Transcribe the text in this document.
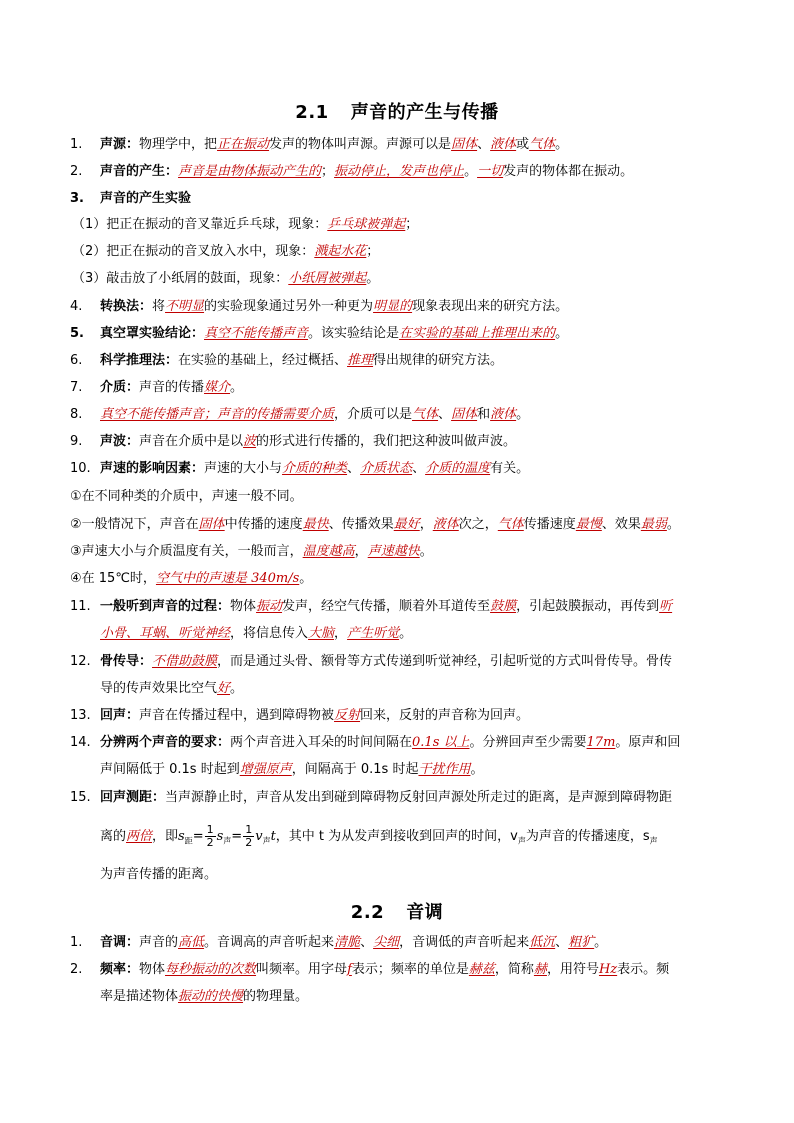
2.1 声音的产生与传播
1. 声源：物理学中，把正在振动发声的物体叫声源。声源可以是固体、液体或气体。
2. 声音的产生：声音是由物体振动产生的；振动停止，发声也停止。一切发声的物体都在振动。
3. 声音的产生实验
（1）把正在振动的音叉靠近乒乓球，现象：乒乓球被弹起；
（2）把正在振动的音叉放入水中，现象：溅起水花；
（3）敲击放了小纸屑的鼓面，现象：小纸屑被弹起。
4. 转换法：将不明显的实验现象通过另外一种更为明显的现象表现出来的研究方法。
5. 真空罩实验结论：真空不能传播声音。该实验结论是在实验的基础上推理出来的。
6. 科学推理法：在实验的基础上，经过概括、推理得出规律的研究方法。
7. 介质：声音的传播媒介。
8. 真空不能传播声音；声音的传播需要介质，介质可以是气体、固体和液体。
9. 声波：声音在介质中是以波的形式进行传播的，我们把这种波叫做声波。
10. 声速的影响因素：声速的大小与介质的种类、介质状态、介质的温度有关。
①在不同种类的介质中，声速一般不同。
②一般情况下，声音在固体中传播的速度最快、传播效果最好，液体次之，气体传播速度最慢、效果最弱。
③声速大小与介质温度有关，一般而言，温度越高，声速越快。
④在 15℃时，空气中的声速是 340m/s。
11. 一般听到声音的过程：物体振动发声，经空气传播，顺着外耳道传至鼓膜，引起鼓膜振动，再传到听
小骨、耳蜗、听觉神经，将信息传入大脑，产生听觉。
12. 骨传导：不借助鼓膜，而是通过头骨、额骨等方式传递到听觉神经，引起听觉的方式叫骨传导。骨传
导的传声效果比空气好。
13. 回声：声音在传播过程中，遇到障碍物被反射回来，反射的声音称为回声。
14. 分辨两个声音的要求：两个声音进入耳朵的时间间隔在0.1s 以上。分辨回声至少需要17m。原声和回
声间隔低于 0.1s 时起到增强原声，间隔高于 0.1s 时起干扰作用。
15. 回声测距：当声源静止时，声音从发出到碰到障碍物反射回声源处所走过的距离，是声源到障碍物距
离的两倍，即$s_距= \frac{1}{2} s_声= \frac{1}{2} v_声t$，其中 t 为从发声到接收到回声的时间，$v_声$为声音的传播速度，$s_声$
为声音传播的距离。
2.2 音调
1. 音调：声音的高低。音调高的声音听起来清脆、尖细，音调低的声音听起来低沉、粗犷。
2. 频率：物体每秒振动的次数叫频率。用字母f表示；频率的单位是赫兹，简称赫，用符号Hz表示。频
率是描述物体振动的快慢的物理量。
